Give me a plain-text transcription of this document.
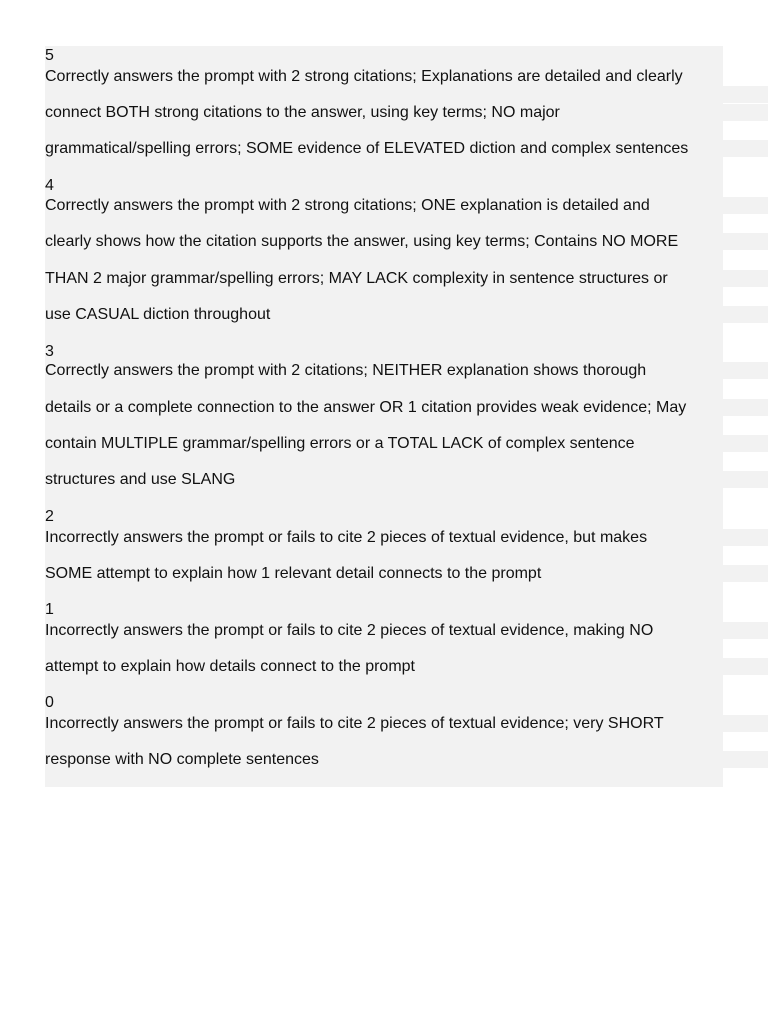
5
Correctly answers the prompt with 2 strong citations; Explanations are detailed and clearly
connect BOTH strong citations to the answer, using key terms; NO major
grammatical/spelling errors; SOME evidence of ELEVATED diction and complex sentences
4
Correctly answers the prompt with 2 strong citations; ONE explanation is detailed and
clearly shows how the citation supports the answer, using key terms; Contains NO MORE
THAN 2 major grammar/spelling errors; MAY LACK complexity in sentence structures or
use CASUAL diction throughout
3
Correctly answers the prompt with 2 citations; NEITHER explanation shows thorough
details or a complete connection to the answer OR 1 citation provides weak evidence; May
contain MULTIPLE grammar/spelling errors or a TOTAL LACK of complex sentence
structures and use SLANG
2
Incorrectly answers the prompt or fails to cite 2 pieces of textual evidence, but makes
SOME attempt to explain how 1 relevant detail connects to the prompt
1
Incorrectly answers the prompt or fails to cite 2 pieces of textual evidence, making NO
attempt to explain how details connect to the prompt
0
Incorrectly answers the prompt or fails to cite 2 pieces of textual evidence; very SHORT
response with NO complete sentences
